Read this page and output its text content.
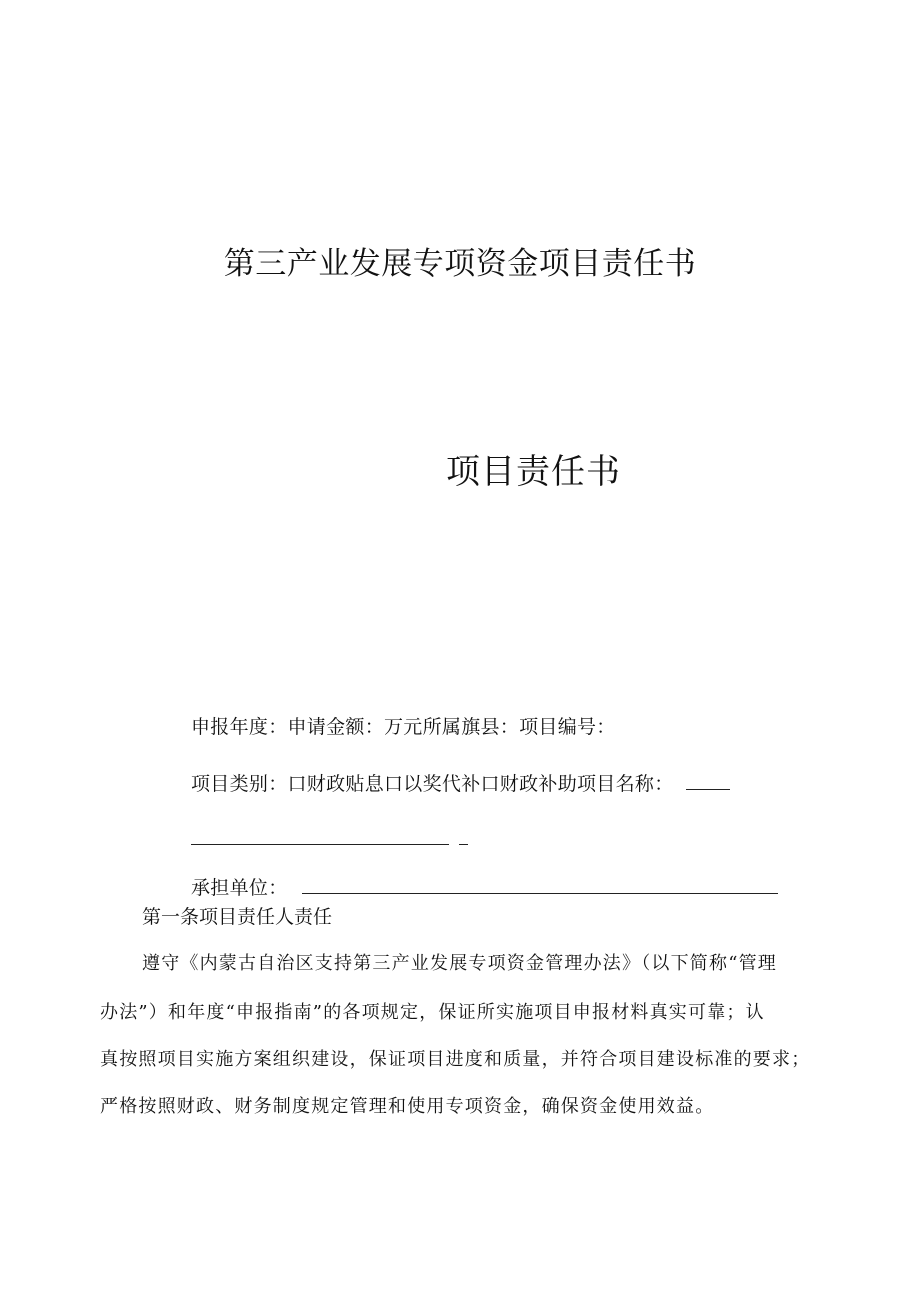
第三产业发展专项资金项目责任书
项目责任书
申报年度：申请金额：万元所属旗县：项目编号：
项目类别：口财政贴息口以奖代补口财政补助项目名称：
承担单位：
第一条项目责任人责任
遵守《内蒙古自治区支持第三产业发展专项资金管理办法》（以下简称“管理
办法”）和年度“申报指南”的各项规定，保证所实施项目申报材料真实可靠；认
真按照项目实施方案组织建设，保证项目进度和质量，并符合项目建设标准的要求；
严格按照财政、财务制度规定管理和使用专项资金，确保资金使用效益。
